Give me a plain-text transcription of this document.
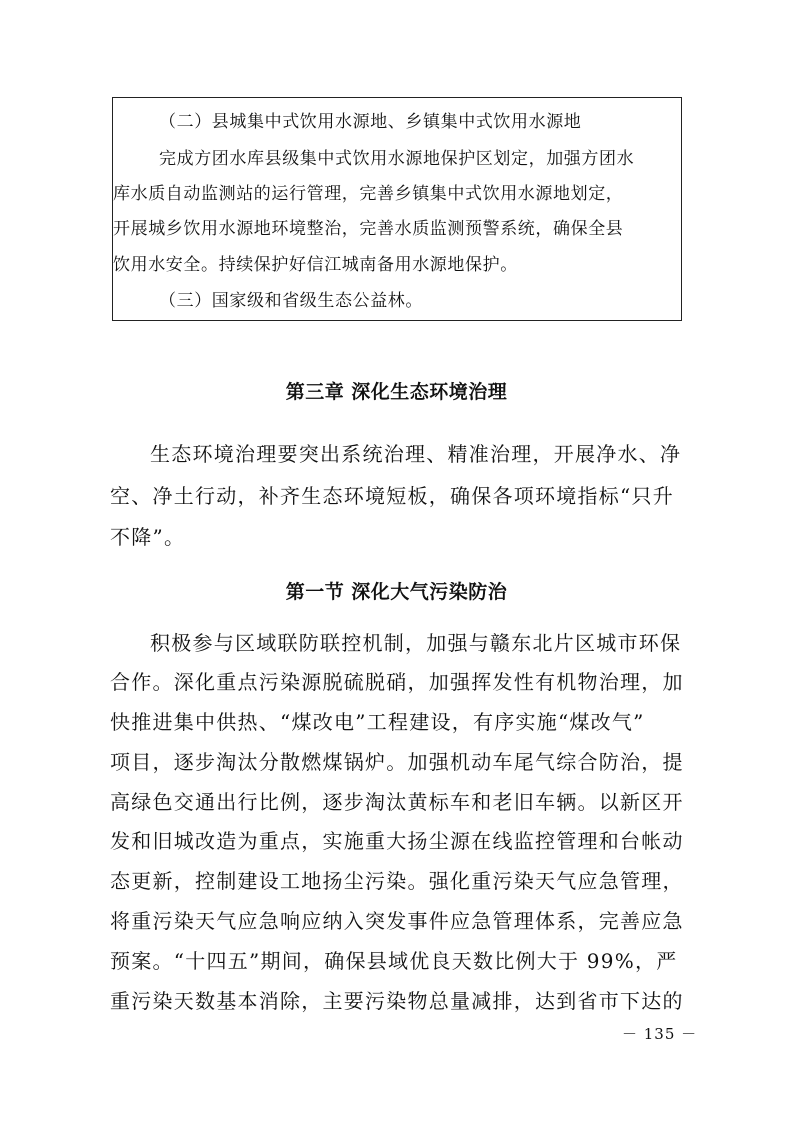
（二）县城集中式饮用水源地、乡镇集中式饮用水源地
完成方团水库县级集中式饮用水源地保护区划定，加强方团水
库水质自动监测站的运行管理，完善乡镇集中式饮用水源地划定，
开展城乡饮用水源地环境整治，完善水质监测预警系统，确保全县
饮用水安全。持续保护好信江城南备用水源地保护。
（三）国家级和省级生态公益林。
第三章 深化生态环境治理
生态环境治理要突出系统治理、精准治理，开展净水、净
空、净土行动，补齐生态环境短板，确保各项环境指标“只升
不降”。
第一节 深化大气污染防治
积极参与区域联防联控机制，加强与赣东北片区城市环保
合作。深化重点污染源脱硫脱硝，加强挥发性有机物治理，加
快推进集中供热、“煤改电”工程建设，有序实施“煤改气”
项目，逐步淘汰分散燃煤锅炉。加强机动车尾气综合防治，提
高绿色交通出行比例，逐步淘汰黄标车和老旧车辆。以新区开
发和旧城改造为重点，实施重大扬尘源在线监控管理和台帐动
态更新，控制建设工地扬尘污染。强化重污染天气应急管理，
将重污染天气应急响应纳入突发事件应急管理体系，完善应急
预案。“十四五”期间，确保县域优良天数比例大于 99%，严
重污染天数基本消除，主要污染物总量减排，达到省市下达的
－ 135 －
